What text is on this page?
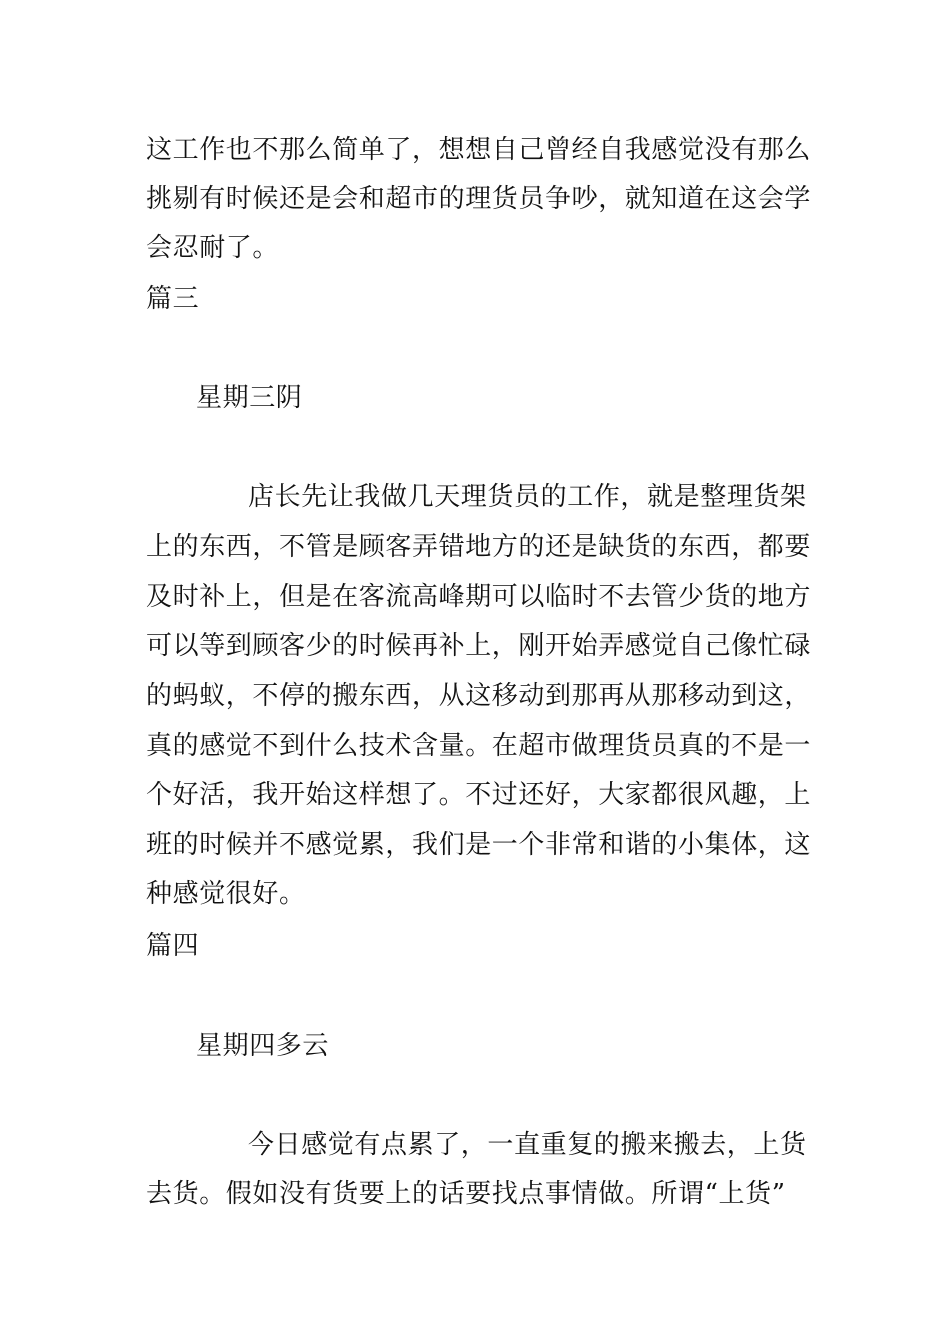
这工作也不那么简单了，想想自己曾经自我感觉没有那么
挑剔有时候还是会和超市的理货员争吵，就知道在这会学
会忍耐了。
篇三
星期三阴
店长先让我做几天理货员的工作，就是整理货架
上的东西，不管是顾客弄错地方的还是缺货的东西，都要
及时补上，但是在客流高峰期可以临时不去管少货的地方
可以等到顾客少的时候再补上，刚开始弄感觉自己像忙碌
的蚂蚁，不停的搬东西，从这移动到那再从那移动到这，
真的感觉不到什么技术含量。在超市做理货员真的不是一
个好活，我开始这样想了。不过还好，大家都很风趣，上
班的时候并不感觉累，我们是一个非常和谐的小集体，这
种感觉很好。
篇四
星期四多云
今日感觉有点累了，一直重复的搬来搬去，上货
去货。假如没有货要上的话要找点事情做。所谓“上货”
